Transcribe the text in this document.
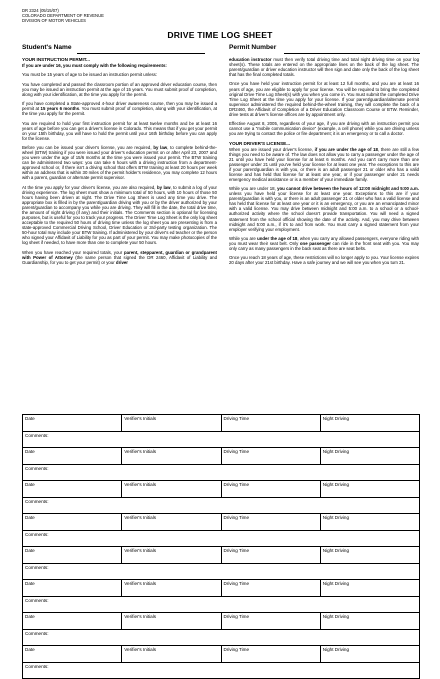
DR 2324 (05/15/07)
COLORADO DEPARTMENT OF REVENUE
DIVISION OF MOTOR VEHICLES
DRIVE TIME LOG SHEET
Student's Name	Permit Number
YOUR INSTRUCTION PERMIT...

If you are under 16, you must comply with the following requirements:

You must be 15 years of age to be issued an instruction permit unless:

You have completed and passed the classroom portion of an approved driver education course, then you may be issued an instruction permit at the age of 15 years. You must submit proof of completion, along with your identification, at the time you apply for the permit.

If you have completed a State-approved 4-hour driver awareness course, then you may be issued a permit at 15 years 6 months. You must submit proof of completion, along with your identification, at the time you apply for the permit.

You are required to hold your first instruction permit for at least twelve months and be at least 16 years of age before you can get a driver's license in Colorado. This means that if you get your permit on your 15th birthday, you will have to hold the permit until your 16th birthday before you can apply for the license.

Before you can be issued your driver's license, you are required, by law, to complete behind-the-wheel (BTW) training if you were issued your driver's education permit on or after April 23, 2007 and you were under the age of 15/6 months at the time you were issued your permit. The BTW training can be administered two ways: you can take 6 hours with a driving instruction from a department-approved school or, if there isn't a driving school that offers BTW training at least 20 hours per week within an address that is within 30 miles of the permit holder's residence, you may complete 12 hours with a parent, guardian or alternate permit supervisor.

At the time you apply for your driver's license, you are also required, by law, to submit a log of your driving experience. The log sheet must show a minimum total of 50 hours, with 10 hours of those 50 hours having been driven at night. The Drive Time Log Sheet is used any time you drive. The appropriate box is filled in by the parent/guardian driving with you or by the driver authorized by your parent/guardian to accompany you while you are driving. They will fill in the date, the total drive time, the amount of night driving (if any) and their initials. The Comments section is optional for licensing purposes, but is useful for you to track your progress. The Driver Time Log Sheet is the only log sheet acceptable to the required 50 hours of driving time unless the log sheet you are presenting is from a state-approved Commercial Driving School, Driver Education or 3rd-party testing organization. The 50-hour total may include your BTW training. If administered by your driver's ed teacher or the person who signed your Affidavit of Liability for you as part of your permit. You may make photocopies of the log sheet if needed, to have more than one to complete your 50 hours.

When you have reached your required totals, your parent, stepparent, guardian or grandparent with Power of Attorney (the same person that signed the DR 2460, Affidavit of Liability and Guardianship, for you to get your permit) or your driver

education instructor must then verify total driving time and total night driving time on your log sheet(s). These totals are entered on the appropriate lines on the back of the log sheet. The parent/guardian or driver education instructor will then sign and date only the back of the log sheet that has the final completed totals.

Once you have held your instruction permit for at least 12 full months, and you are at least 16 years of age, you are eligible to apply for your license. You will be required to bring the completed original Drive Time Log Sheet(s) with you when you come in. You must submit the completed Drive Time Log Sheet at the time you apply for your license. If your parent/guardian/alternate permit supervisor administered the required behind-the-wheel training, they will complete the back of a DR2460, the Affidavit of Completion of a Driver Education Classroom Course or BTW. Reminder, drive tests at driver's license offices are by appointment only.

Effective August 8, 2005, regardless of your age, if you are driving with an instruction permit you cannot use a "mobile communication device" (example, a cell phone) while you are driving unless you are trying to contact the police or fire department; it is an emergency or to call a doctor.

YOUR DRIVER'S LICENSE...

When you are issued your driver's license, if you are under the age of 18, there are still a few things you need to be aware of. The law does not allow you to carry a passenger under the age of 21 until you have held your license for at least 6 months. And you can't carry more than one passenger under 21 until you've held your license for at least one year. The exceptions to this are if your parent/guardian is with you, or there is an adult passenger 21 or older who has a valid license and has held that license for at least one year, or if your passenger under 21 needs emergency medical assistance or is a member of your immediate family.

While you are under 18, you cannot drive between the hours of 12:00 midnight and 5:00 a.m. unless you have held your license for at least one year. Exceptions to this are if your parent/guardian is with you, or there is an adult passenger 21 or older who has a valid license and has held that license for at least one year or it is an emergency, or you are an emancipated minor with a valid license. You may drive between midnight and 5:00 a.m. to a school or a school-authorized activity where the school doesn't provide transportation. You will need a signed statement from the school official showing the date of the activity. And, you may drive between midnight and 5:00 a.m., if it's to and from work. You must carry a signed statement from your employer verifying your employment.

While you are under the age of 18, when you carry any allowed passengers, everyone riding with you must wear their seat belt. Only one passenger can ride in the front seat with you. You may only carry as many passengers in the back seat as there are seat belts.

Once you reach 18 years of age, these restrictions will no longer apply to you. Your license expires 20 days after your 21st birthday. Have a safe journey and we will see you when you turn 21.

Date	Verifier's Initials	Driving Time	Night Driving
Comments:			
Date	Verifier's Initials	Driving Time	Night Driving
Comments:			
Date	Verifier's Initials	Driving Time	Night Driving
Comments:			
Date	Verifier's Initials	Driving Time	Night Driving
Comments:			
Date	Verifier's Initials	Driving Time	Night Driving
Comments:			
Date	Verifier's Initials	Driving Time	Night Driving
Comments:			
Date	Verifier's Initials	Driving Time	Night Driving
Comments:			
Date	Verifier's Initials	Driving Time	Night Driving
Comments:			
